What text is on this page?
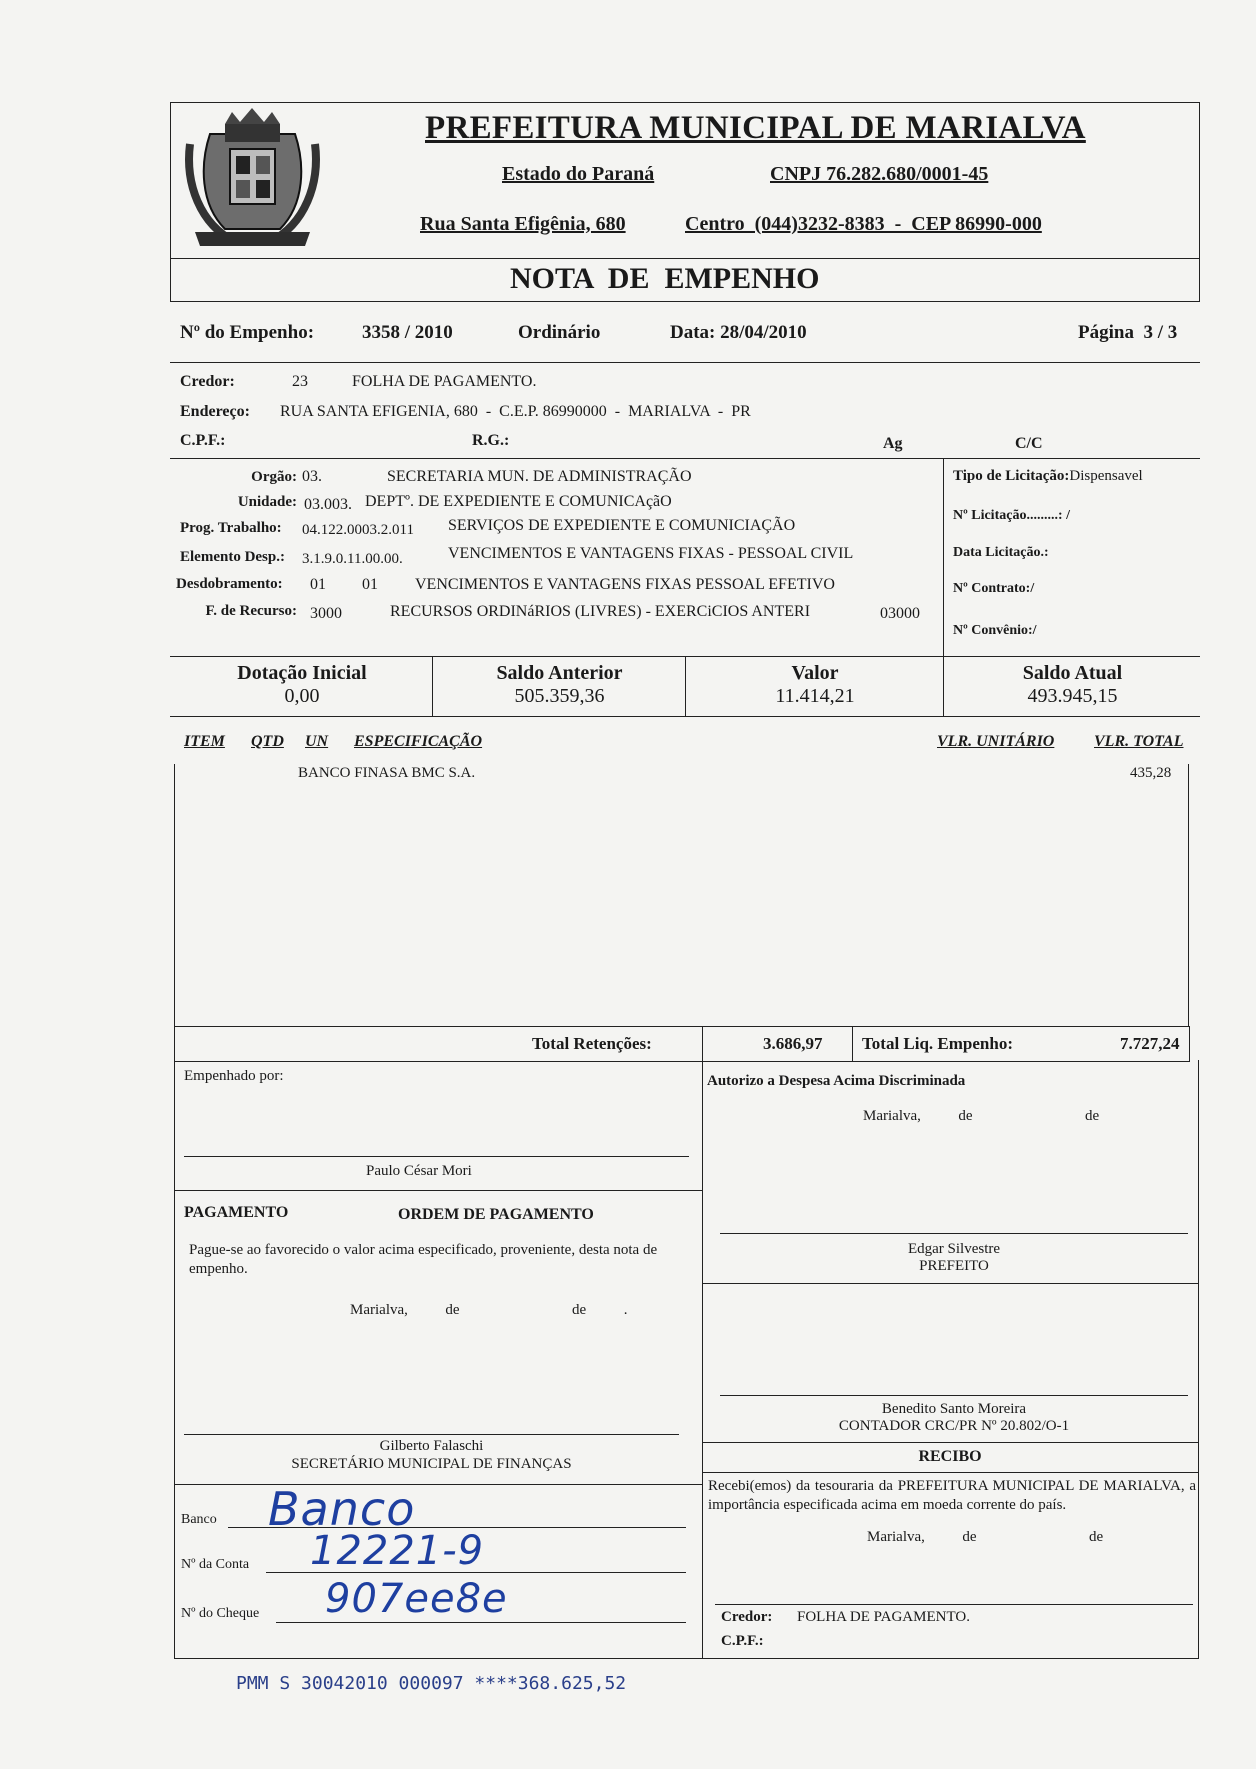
PREFEITURA MUNICIPAL DE MARIALVA
Estado do Paraná	CNPJ 76.282.680/0001-45
Rua Santa Efigênia, 680	Centro  (044)3232-8383  -  CEP 86990-000
NOTA  DE  EMPENHO
Nº do Empenho:	3358 / 2010	Ordinário	Data: 28/04/2010	Página  3 / 3
Credor:	23	FOLHA DE PAGAMENTO.
Endereço: RUA SANTA EFIGENIA, 680  -  C.E.P. 86990000  -  MARIALVA  -  PR
C.P.F.:	R.G.:	Ag	C/C
Orgão: 03.	SECRETARIA MUN. DE ADMINISTRAÇÃO
Unidade: 03.003. DEPTº. DE EXPEDIENTE E COMUNICAçãO
Prog. Trabalho: 04.122.0003.2.011 SERVIÇOS DE EXPEDIENTE E COMUNICIAÇÃO
Elemento Desp.: 3.1.9.0.11.00.00.	VENCIMENTOS E VANTAGENS FIXAS - PESSOAL CIVIL
Desdobramento: 01 01 VENCIMENTOS E VANTAGENS FIXAS PESSOAL EFETIVO
F. de Recurso: 3000	RECURSOS ORDINáRIOS (LIVRES) - EXERCiCIOS ANTERI	03000
Tipo de Licitação:Dispensavel
Nº Licitação.........: /
Data Licitação.:
Nº Contrato:/
Nº Convênio:/
Dotação Inicial
0,00
Saldo Anterior
505.359,36
Valor
11.414,21
Saldo Atual
493.945,15
ITEM QTD UN ESPECIFICAÇÃO	VLR. UNITÁRIO VLR. TOTAL
BANCO FINASA BMC S.A.	435,28
Total Retenções:	3.686,97 Total Liq. Empenho:	7.727,24
Empenhado por:
Paulo César Mori
PAGAMENTO	ORDEM DE PAGAMENTO
Pague-se ao favorecido o valor acima especificado, proveniente, desta nota de empenho.
Marialva,          de                              de          .
Gilberto Falaschi
SECRETÁRIO MUNICIPAL DE FINANÇAS
Banco Banco
Nº da Conta 12221-9
Nº do Cheque 907ee8e
Autorizo a Despesa Acima Discriminada
Marialva,          de                              de
Edgar Silvestre
PREFEITO
Benedito Santo Moreira
CONTADOR CRC/PR Nº 20.802/O-1
RECIBO
Recebi(emos) da tesouraria da PREFEITURA MUNICIPAL DE MARIALVA, a importância especificada acima em moeda corrente do país.
Marialva,          de                              de
Credor: FOLHA DE PAGAMENTO.
C.P.F.:
PMM S 30042010 000097 ****368.625,52
